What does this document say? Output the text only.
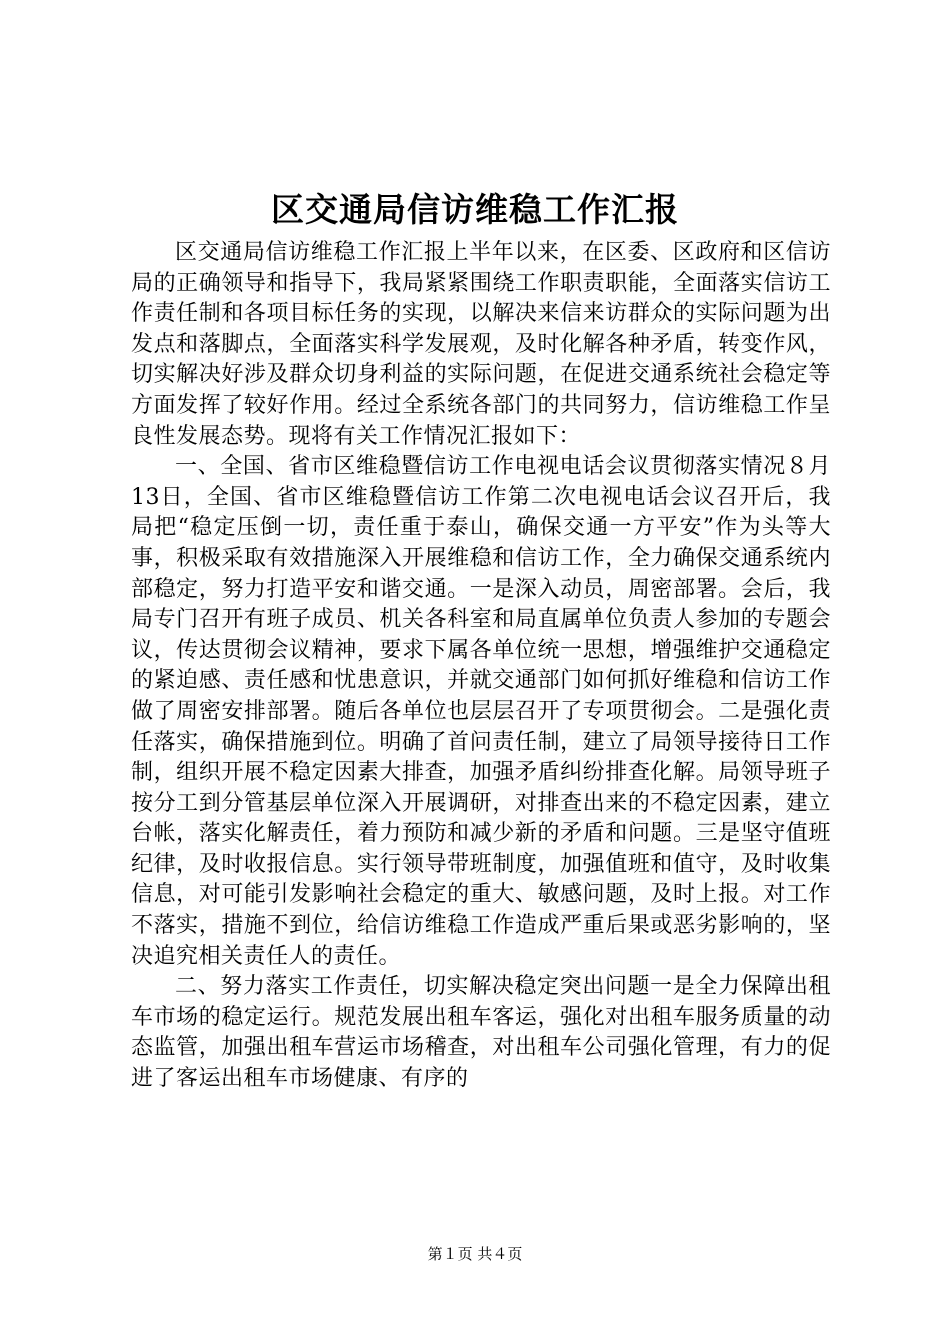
区交通局信访维稳工作汇报

区交通局信访维稳工作汇报上半年以来，在区委、区政府和区信访局的正确领导和指导下，我局紧紧围绕工作职责职能，全面落实信访工作责任制和各项目标任务的实现，以解决来信来访群众的实际问题为出发点和落脚点，全面落实科学发展观，及时化解各种矛盾，转变作风，切实解决好涉及群众切身利益的实际问题，在促进交通系统社会稳定等方面发挥了较好作用。经过全系统各部门的共同努力，信访维稳工作呈良性发展态势。现将有关工作情况汇报如下：

一、全国、省市区维稳暨信访工作电视电话会议贯彻落实情况８月13日，全国、省市区维稳暨信访工作第二次电视电话会议召开后，我局把“稳定压倒一切，责任重于泰山，确保交通一方平安”作为头等大事，积极采取有效措施深入开展维稳和信访工作，全力确保交通系统内部稳定，努力打造平安和谐交通。一是深入动员，周密部署。会后，我局专门召开有班子成员、机关各科室和局直属单位负责人参加的专题会议，传达贯彻会议精神，要求下属各单位统一思想，增强维护交通稳定的紧迫感、责任感和忧患意识，并就交通部门如何抓好维稳和信访工作做了周密安排部署。随后各单位也层层召开了专项贯彻会。二是强化责任落实，确保措施到位。明确了首问责任制，建立了局领导接待日工作制，组织开展不稳定因素大排查，加强矛盾纠纷排查化解。局领导班子按分工到分管基层单位深入开展调研，对排查出来的不稳定因素，建立台帐，落实化解责任，着力预防和减少新的矛盾和问题。三是坚守值班纪律，及时收报信息。实行领导带班制度，加强值班和值守，及时收集信息，对可能引发影响社会稳定的重大、敏感问题，及时上报。对工作不落实，措施不到位，给信访维稳工作造成严重后果或恶劣影响的，坚决追究相关责任人的责任。

二、努力落实工作责任，切实解决稳定突出问题一是全力保障出租车市场的稳定运行。规范发展出租车客运，强化对出租车服务质量的动态监管，加强出租车营运市场稽查，对出租车公司强化管理，有力的促进了客运出租车市场健康、有序的

第１页 共４页
